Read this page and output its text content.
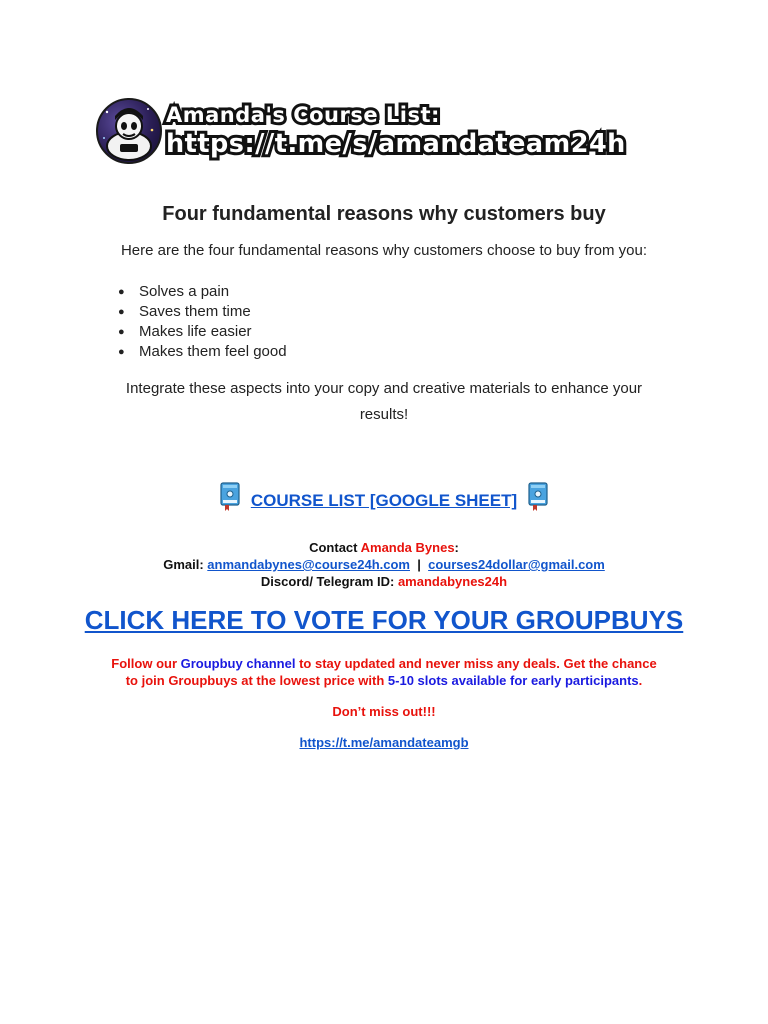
Amanda's Course List:
https://t.me/s/amandateam24h
Four fundamental reasons why customers buy
Here are the four fundamental reasons why customers choose to buy from you:
● Solves a pain
● Saves them time
● Makes life easier
● Makes them feel good
Integrate these aspects into your copy and creative materials to enhance your results!
COURSE LIST [GOOGLE SHEET]
Contact Amanda Bynes:
Gmail: anmandabynes@course24h.com | courses24dollar@gmail.com
Discord/ Telegram ID: amandabynes24h
CLICK HERE TO VOTE FOR YOUR GROUPBUYS
Follow our Groupbuy channel to stay updated and never miss any deals. Get the chance
to join Groupbuys at the lowest price with 5-10 slots available for early participants.
Don’t miss out!!!
https://t.me/amandateamgb
